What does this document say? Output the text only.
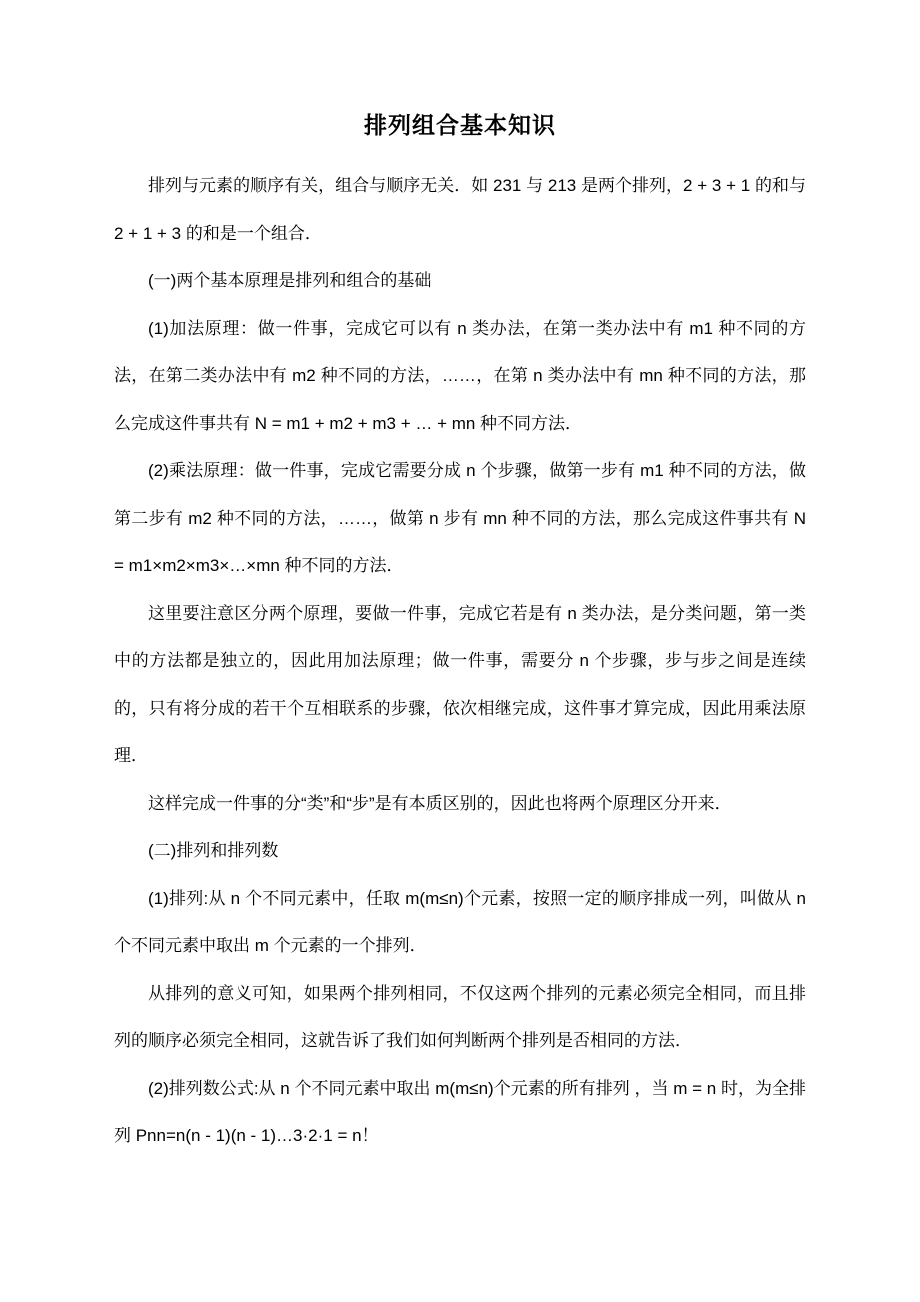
排列组合基本知识

排列与元素的顺序有关，组合与顺序无关．如 231 与 213 是两个排列，2 + 3 + 1 的和与 2 + 1 + 3 的和是一个组合．

(一)两个基本原理是排列和组合的基础

(1)加法原理：做一件事，完成它可以有 n 类办法，在第一类办法中有 m1 种不同的方法，在第二类办法中有 m2 种不同的方法，……，在第 n 类办法中有 mn 种不同的方法，那么完成这件事共有 N = m1 + m2 + m3 + … + mn 种不同方法．

(2)乘法原理：做一件事，完成它需要分成 n 个步骤，做第一步有 m1 种不同的方法，做第二步有 m2 种不同的方法，……，做第 n 步有 mn 种不同的方法，那么完成这件事共有 N = m1×m2×m3×…×mn 种不同的方法．

这里要注意区分两个原理，要做一件事，完成它若是有 n 类办法，是分类问题，第一类中的方法都是独立的，因此用加法原理；做一件事，需要分 n 个步骤，步与步之间是连续的，只有将分成的若干个互相联系的步骤，依次相继完成，这件事才算完成，因此用乘法原理．

这样完成一件事的分“类”和“步”是有本质区别的，因此也将两个原理区分开来．

(二)排列和排列数

(1)排列:从 n 个不同元素中，任取 m(m≤n)个元素，按照一定的顺序排成一列，叫做从 n 个不同元素中取出 m 个元素的一个排列．

从排列的意义可知，如果两个排列相同，不仅这两个排列的元素必须完全相同，而且排列的顺序必须完全相同，这就告诉了我们如何判断两个排列是否相同的方法．

(2)排列数公式:从 n 个不同元素中取出 m(m≤n)个元素的所有排列 ，当 m = n 时，为全排列 Pnn=n(n - 1)(n - 1)…3·2·1 = n！
